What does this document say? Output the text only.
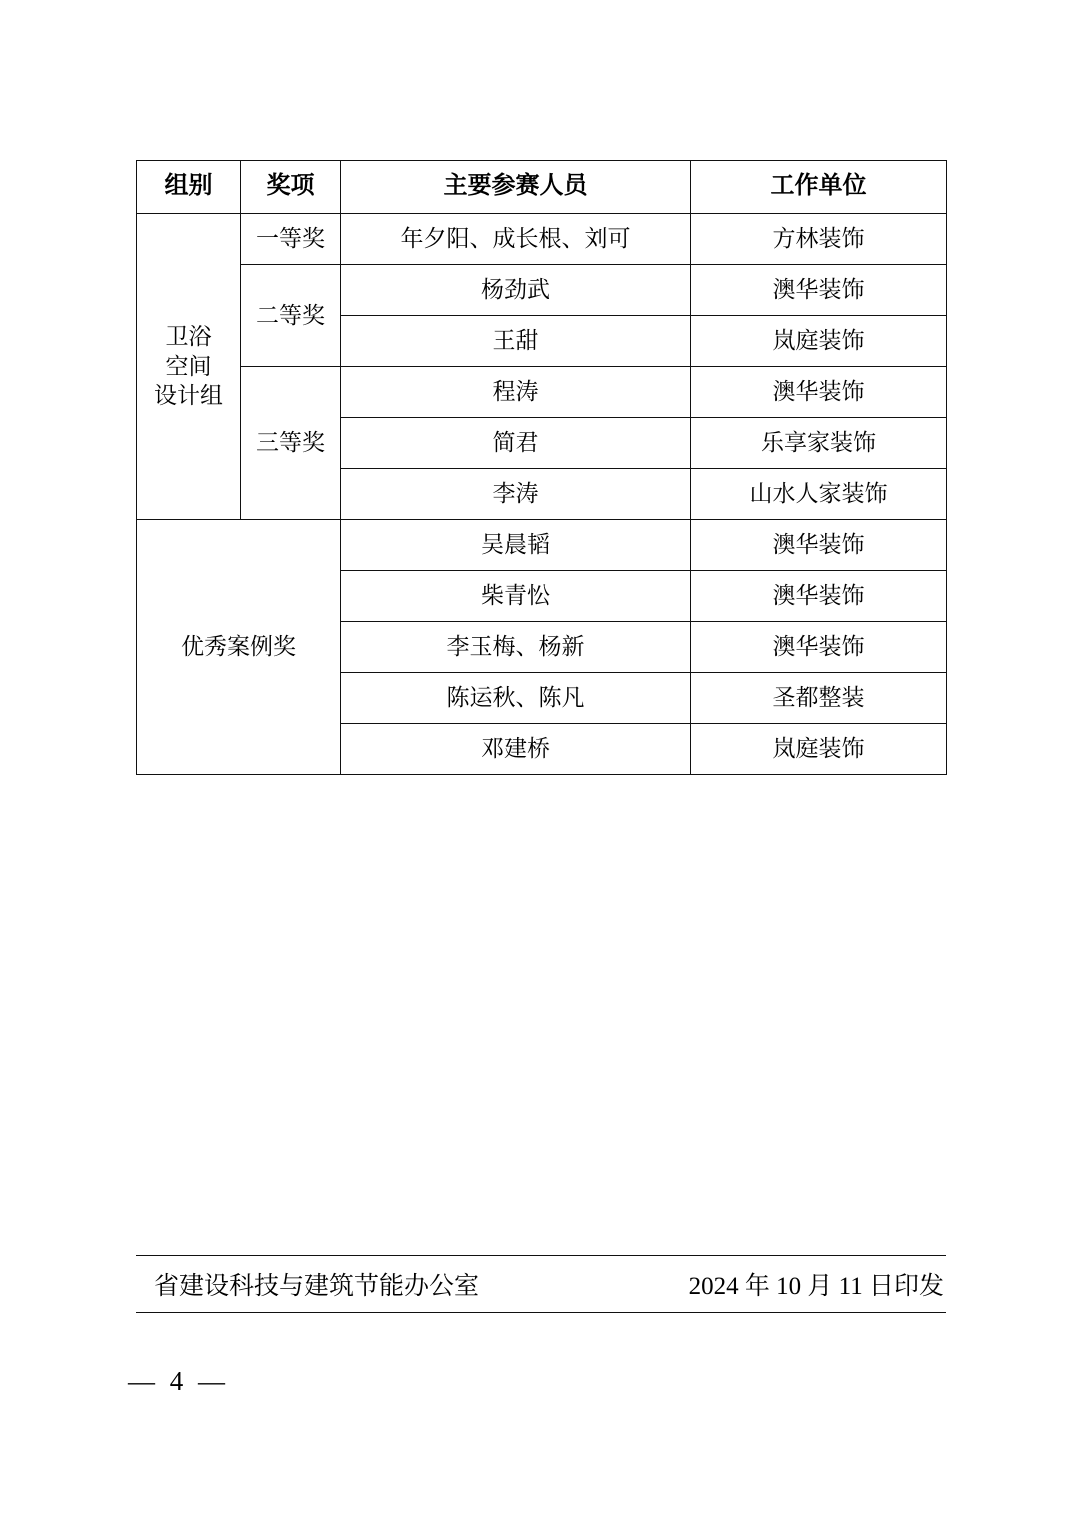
组别	奖项	主要参赛人员	工作单位

卫浴
空间
设计组	一等奖	年夕阳、成长根、刘可	方林装饰
	二等奖	杨劲武	澳华装饰
		王甜	岚庭装饰
	三等奖	程涛	澳华装饰
		简君	乐享家装饰
		李涛	山水人家装饰
优秀案例奖		吴晨韬	澳华装饰
		柴青忪	澳华装饰
		李玉梅、杨新	澳华装饰
		陈运秋、陈凡	圣都整装
		邓建桥	岚庭装饰
省建设科技与建筑节能办公室	2024 年 10 月 11 日印发
— 4 —
